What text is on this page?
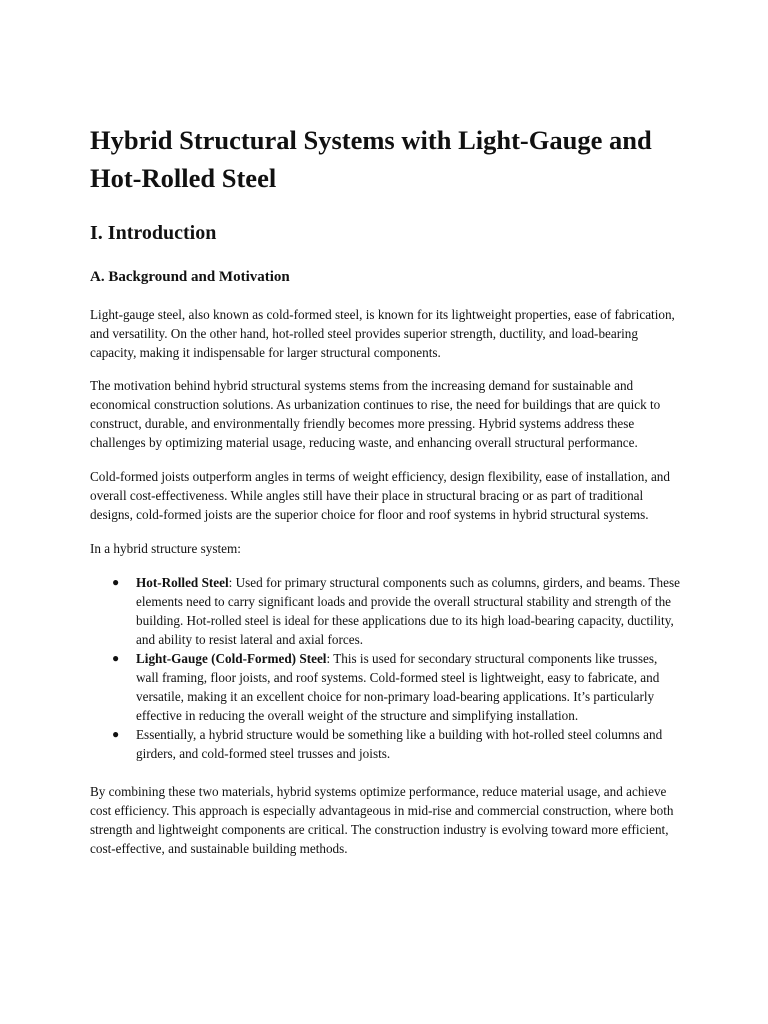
Hybrid Structural Systems with Light-Gauge and Hot-Rolled Steel
I. Introduction
A. Background and Motivation

Light-gauge steel, also known as cold-formed steel, is known for its lightweight properties, ease of fabrication, and versatility. On the other hand, hot-rolled steel provides superior strength, ductility, and load-bearing capacity, making it indispensable for larger structural components.

The motivation behind hybrid structural systems stems from the increasing demand for sustainable and economical construction solutions. As urbanization continues to rise, the need for buildings that are quick to construct, durable, and environmentally friendly becomes more pressing. Hybrid systems address these challenges by optimizing material usage, reducing waste, and enhancing overall structural performance.

Cold-formed joists outperform angles in terms of weight efficiency, design flexibility, ease of installation, and overall cost-effectiveness. While angles still have their place in structural bracing or as part of traditional designs, cold-formed joists are the superior choice for floor and roof systems in hybrid structural systems.

In a hybrid structure system:

● Hot-Rolled Steel: Used for primary structural components such as columns, girders, and beams. These elements need to carry significant loads and provide the overall structural stability and strength of the building. Hot-rolled steel is ideal for these applications due to its high load-bearing capacity, ductility, and ability to resist lateral and axial forces.
● Light-Gauge (Cold-Formed) Steel: This is used for secondary structural components like trusses, wall framing, floor joists, and roof systems. Cold-formed steel is lightweight, easy to fabricate, and versatile, making it an excellent choice for non-primary load-bearing applications. It’s particularly effective in reducing the overall weight of the structure and simplifying installation.
● Essentially, a hybrid structure would be something like a building with hot-rolled steel columns and girders, and cold-formed steel trusses and joists.

By combining these two materials, hybrid systems optimize performance, reduce material usage, and achieve cost efficiency. This approach is especially advantageous in mid-rise and commercial construction, where both strength and lightweight components are critical. The construction industry is evolving toward more efficient, cost-effective, and sustainable building methods.
